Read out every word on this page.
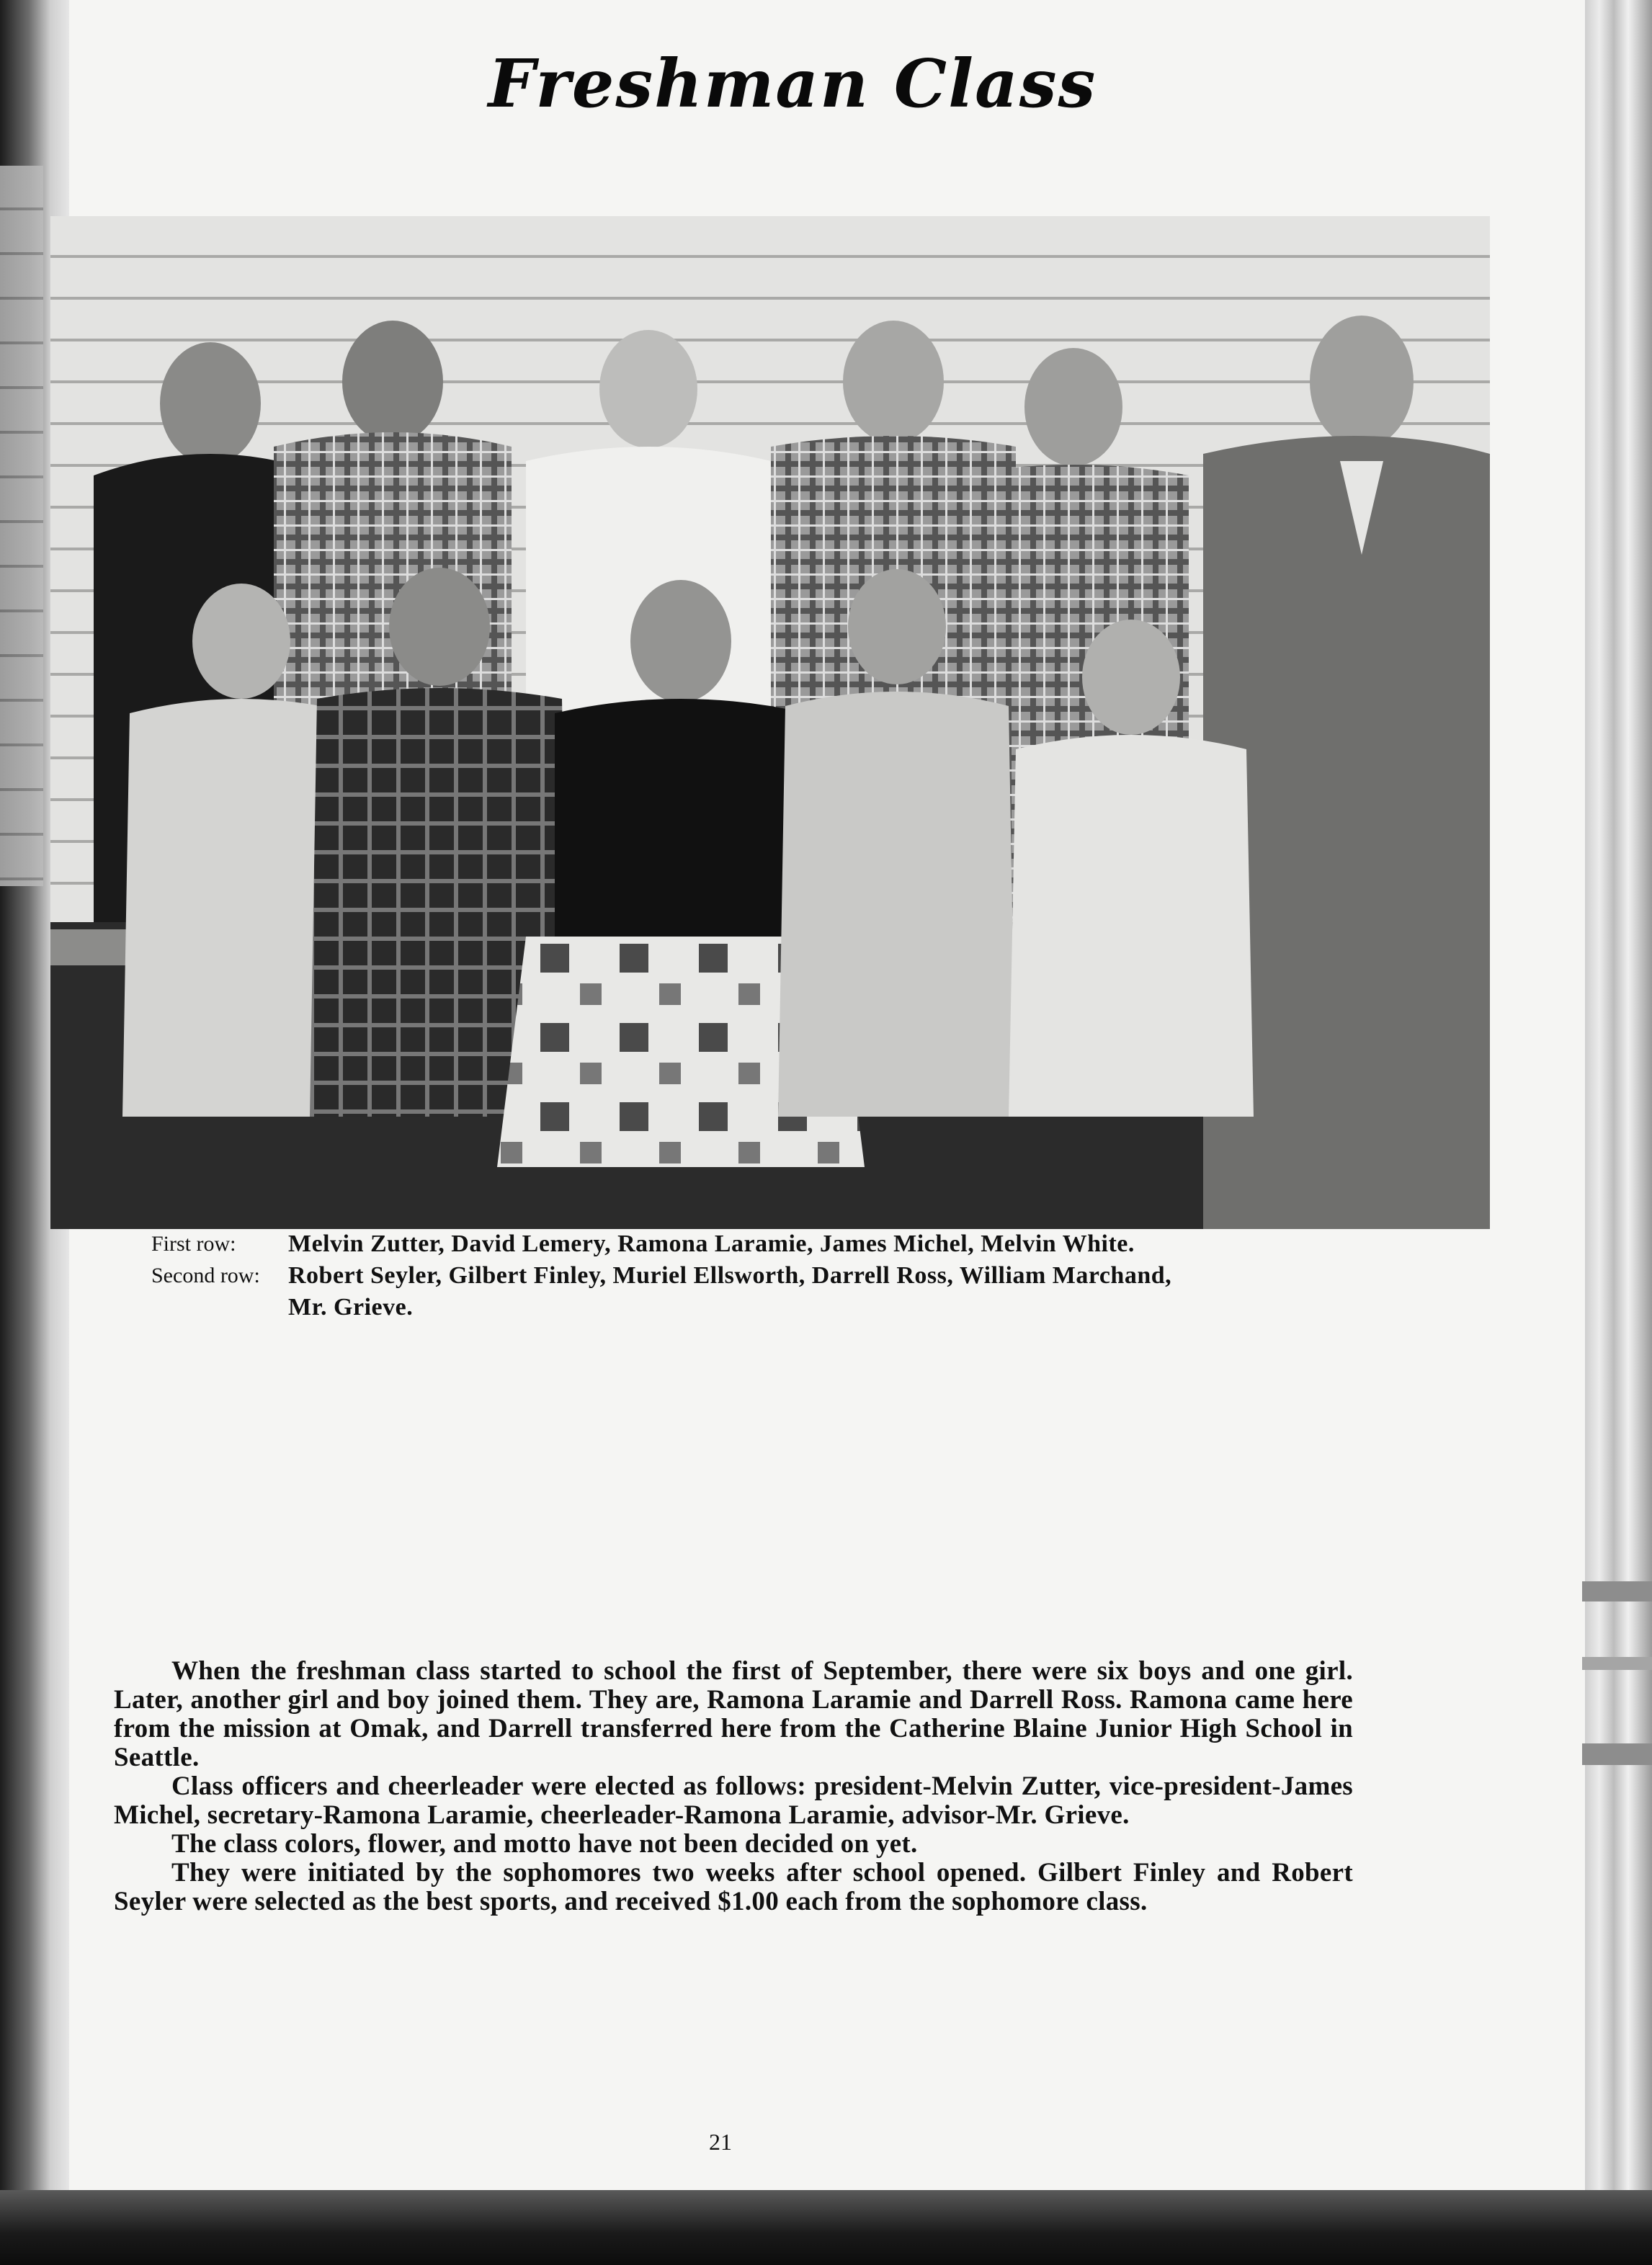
Freshman Class
First row:	Melvin Zutter, David Lemery, Ramona Laramie, James Michel, Melvin White.
Second row:	Robert Seyler, Gilbert Finley, Muriel Ellsworth, Darrell Ross, William Marchand,
Mr. Grieve.

When the freshman class started to school the first of September, there were six boys and one girl. Later, another girl and boy joined them. They are, Ramona Laramie and Darrell Ross. Ramona came here from the mission at Omak, and Darrell transferred here from the Catherine Blaine Junior High School in Seattle.

Class officers and cheerleader were elected as follows: president-Melvin Zutter, vice-president-James Michel, secretary-Ramona Laramie, cheerleader-Ramona Laramie, advisor-Mr. Grieve.

The class colors, flower, and motto have not been decided on yet.

They were initiated by the sophomores two weeks after school opened. Gilbert Finley and Robert Seyler were selected as the best sports, and received $1.00 each from the sophomore class.

21
